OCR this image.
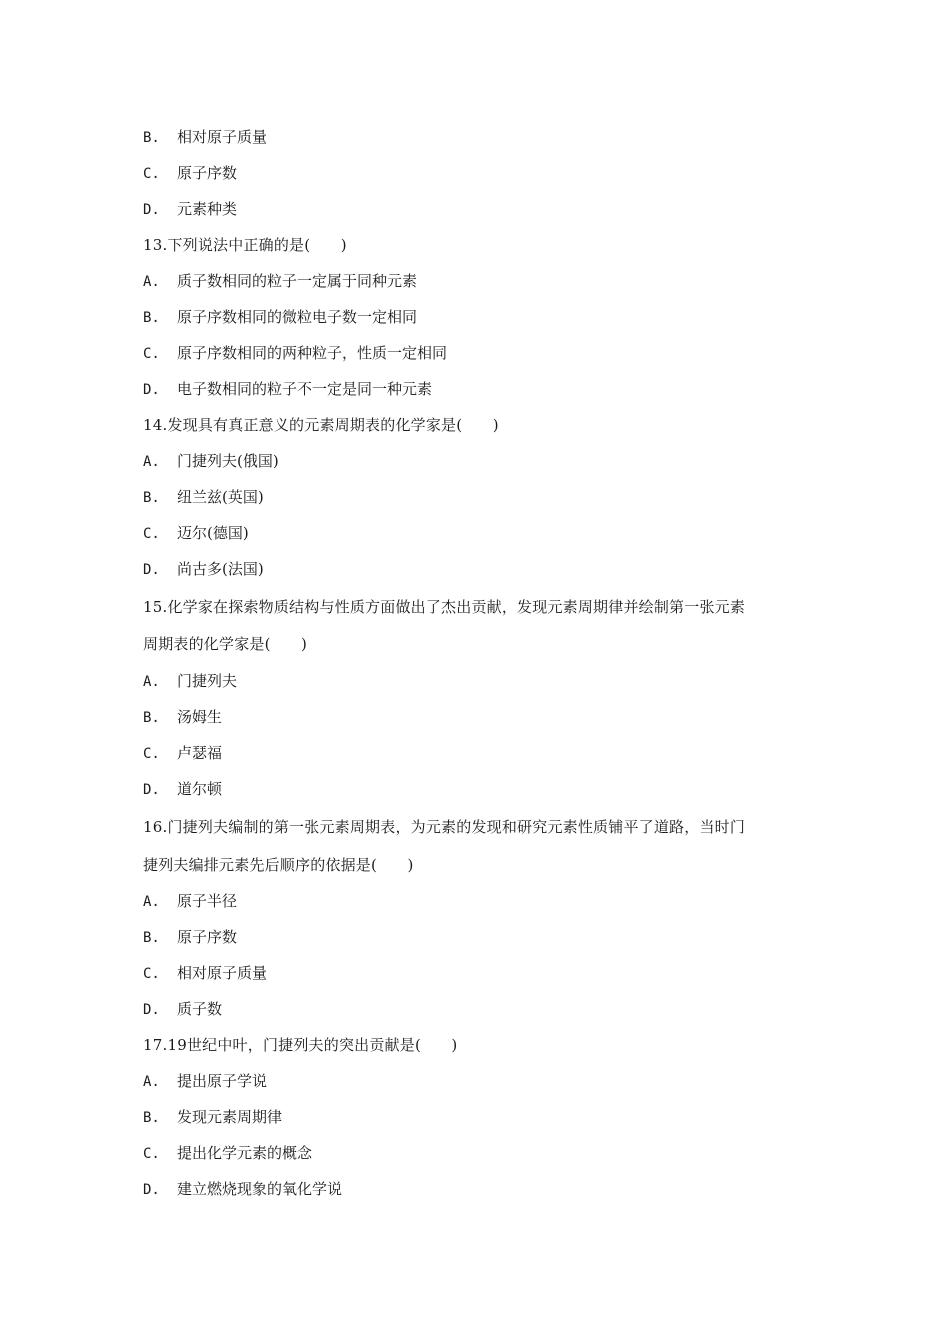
B. 相对原子质量
C. 原子序数
D. 元素种类
13.下列说法中正确的是(　　)
A. 质子数相同的粒子一定属于同种元素
B. 原子序数相同的微粒电子数一定相同
C. 原子序数相同的两种粒子，性质一定相同
D. 电子数相同的粒子不一定是同一种元素
14.发现具有真正意义的元素周期表的化学家是(　　)
A. 门捷列夫(俄国)
B. 纽兰兹(英国)
C. 迈尔(德国)
D. 尚古多(法国)
15.化学家在探索物质结构与性质方面做出了杰出贡献，发现元素周期律并绘制第一张元素
周期表的化学家是(　　)
A. 门捷列夫
B. 汤姆生
C. 卢瑟福
D. 道尔顿
16.门捷列夫编制的第一张元素周期表，为元素的发现和研究元素性质铺平了道路，当时门
捷列夫编排元素先后顺序的依据是(　　)
A. 原子半径
B. 原子序数
C. 相对原子质量
D. 质子数
17.19世纪中叶，门捷列夫的突出贡献是(　　)
A. 提出原子学说
B. 发现元素周期律
C. 提出化学元素的概念
D. 建立燃烧现象的氧化学说
